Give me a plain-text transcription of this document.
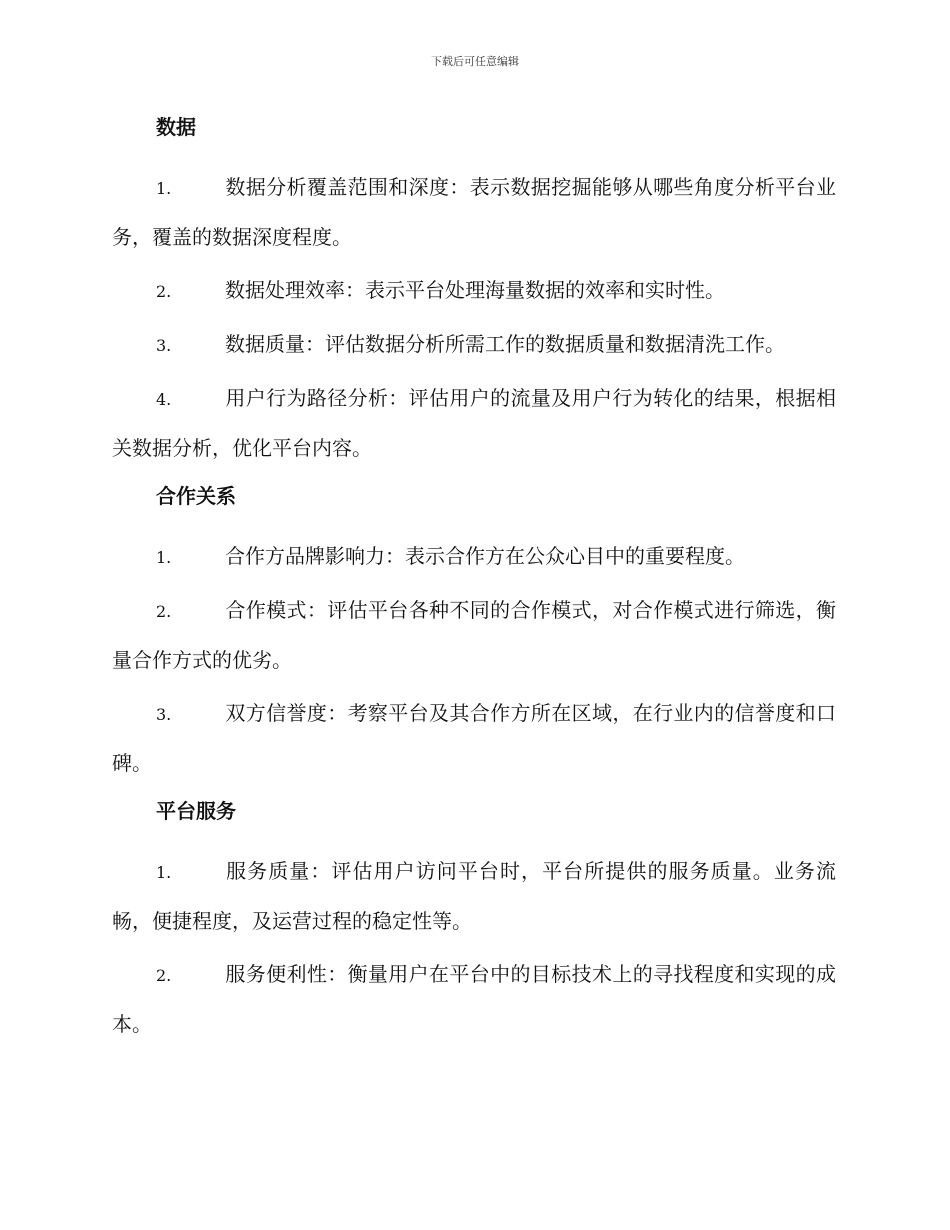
下载后可任意编辑
数据

1.	数据分析覆盖范围和深度：表示数据挖掘能够从哪些角度分析平台业务，覆盖的数据深度程度。

2.	数据处理效率：表示平台处理海量数据的效率和实时性。

3.	数据质量：评估数据分析所需工作的数据质量和数据清洗工作。

4.	用户行为路径分析：评估用户的流量及用户行为转化的结果，根据相关数据分析，优化平台内容。

合作关系

1.	合作方品牌影响力：表示合作方在公众心目中的重要程度。

2.	合作模式：评估平台各种不同的合作模式，对合作模式进行筛选，衡量合作方式的优劣。

3.	双方信誉度：考察平台及其合作方所在区域，在行业内的信誉度和口碑。

平台服务

1.	服务质量：评估用户访问平台时，平台所提供的服务质量。业务流畅，便捷程度，及运营过程的稳定性等。

2.	服务便利性：衡量用户在平台中的目标技术上的寻找程度和实现的成本。
